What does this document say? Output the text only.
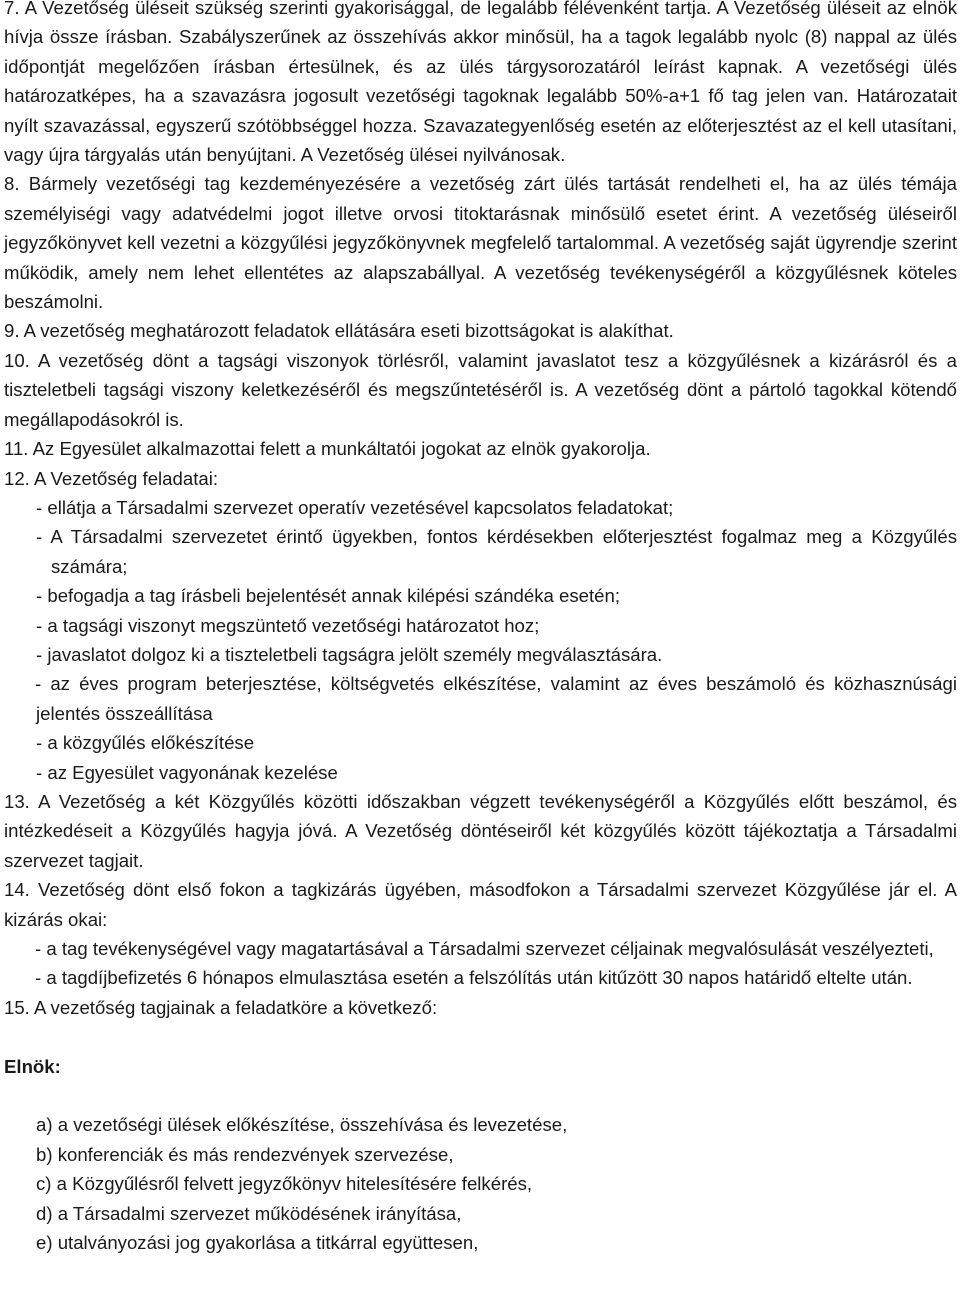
7. A Vezetőség üléseit szükség szerinti gyakorisággal, de legalább félévenként tartja. A Vezetőség üléseit az elnök hívja össze írásban. Szabályszerűnek az összehívás akkor minősül, ha a tagok legalább nyolc (8) nappal az ülés időpontját megelőzően írásban értesülnek, és az ülés tárgysorozatáról leírást kapnak. A vezetőségi ülés határozatképes, ha a szavazásra jogosult vezetőségi tagoknak legalább 50%-a+1 fő tag jelen van. Határozatait nyílt szavazással, egyszerű szótöbbséggel hozza. Szavazategyenlőség esetén az előterjesztést az el kell utasítani, vagy újra tárgyalás után benyújtani. A Vezetőség ülései nyilvánosak.

8. Bármely vezetőségi tag kezdeményezésére a vezetőség zárt ülés tartását rendelheti el, ha az ülés témája személyiségi vagy adatvédelmi jogot illetve orvosi titoktarásnak minősülő esetet érint. A vezetőség üléseiről jegyzőkönyvet kell vezetni a közgyűlési jegyzőkönyvnek megfelelő tartalommal. A vezetőség saját ügyrendje szerint működik, amely nem lehet ellentétes az alapszabállyal. A vezetőség tevékenységéről a közgyűlésnek köteles beszámolni.

9. A vezetőség meghatározott feladatok ellátására eseti bizottságokat is alakíthat.

10. A vezetőség dönt a tagsági viszonyok törlésről, valamint javaslatot tesz a közgyűlésnek a kizárásról és a tiszteletbeli tagsági viszony keletkezéséről és megszűntetéséről is. A vezetőség dönt a pártoló tagokkal kötendő megállapodásokról is.

11. Az Egyesület alkalmazottai felett a munkáltatói jogokat az elnök gyakorolja.

12. A Vezetőség feladatai:

- ellátja a Társadalmi szervezet operatív vezetésével kapcsolatos feladatokat;

- A Társadalmi szervezetet érintő ügyekben, fontos kérdésekben előterjesztést fogalmaz meg a Közgyűlés számára;

- befogadja a tag írásbeli bejelentését annak kilépési szándéka esetén;

- a tagsági viszonyt megszüntető vezetőségi határozatot hoz;

- javaslatot dolgoz ki a tiszteletbeli tagságra jelölt személy megválasztására.

- az éves program beterjesztése, költségvetés elkészítése, valamint az éves beszámoló és közhasznúsági jelentés összeállítása

- a közgyűlés előkészítése

- az Egyesület vagyonának kezelése

13. A Vezetőség a két Közgyűlés közötti időszakban végzett tevékenységéről a Közgyűlés előtt beszámol, és intézkedéseit a Közgyűlés hagyja jóvá. A Vezetőség döntéseiről két közgyűlés között tájékoztatja a Társadalmi szervezet tagjait.

14. Vezetőség dönt első fokon a tagkizárás ügyében, másodfokon a Társadalmi szervezet Közgyűlése jár el. A kizárás okai:

- a tag tevékenységével vagy magatartásával a Társadalmi szervezet céljainak megvalósulását veszélyezteti,

- a tagdíjbefizetés 6 hónapos elmulasztása esetén a felszólítás után kitűzött 30 napos határidő eltelte után.

15. A vezetőség tagjainak a feladatköre a következő:

Elnök:

a) a vezetőségi ülések előkészítése, összehívása és levezetése,

b) konferenciák és más rendezvények szervezése,

c) a Közgyűlésről felvett jegyzőkönyv hitelesítésére felkérés,

d) a Társadalmi szervezet működésének irányítása,

e) utalványozási jog gyakorlása a titkárral együttesen,
